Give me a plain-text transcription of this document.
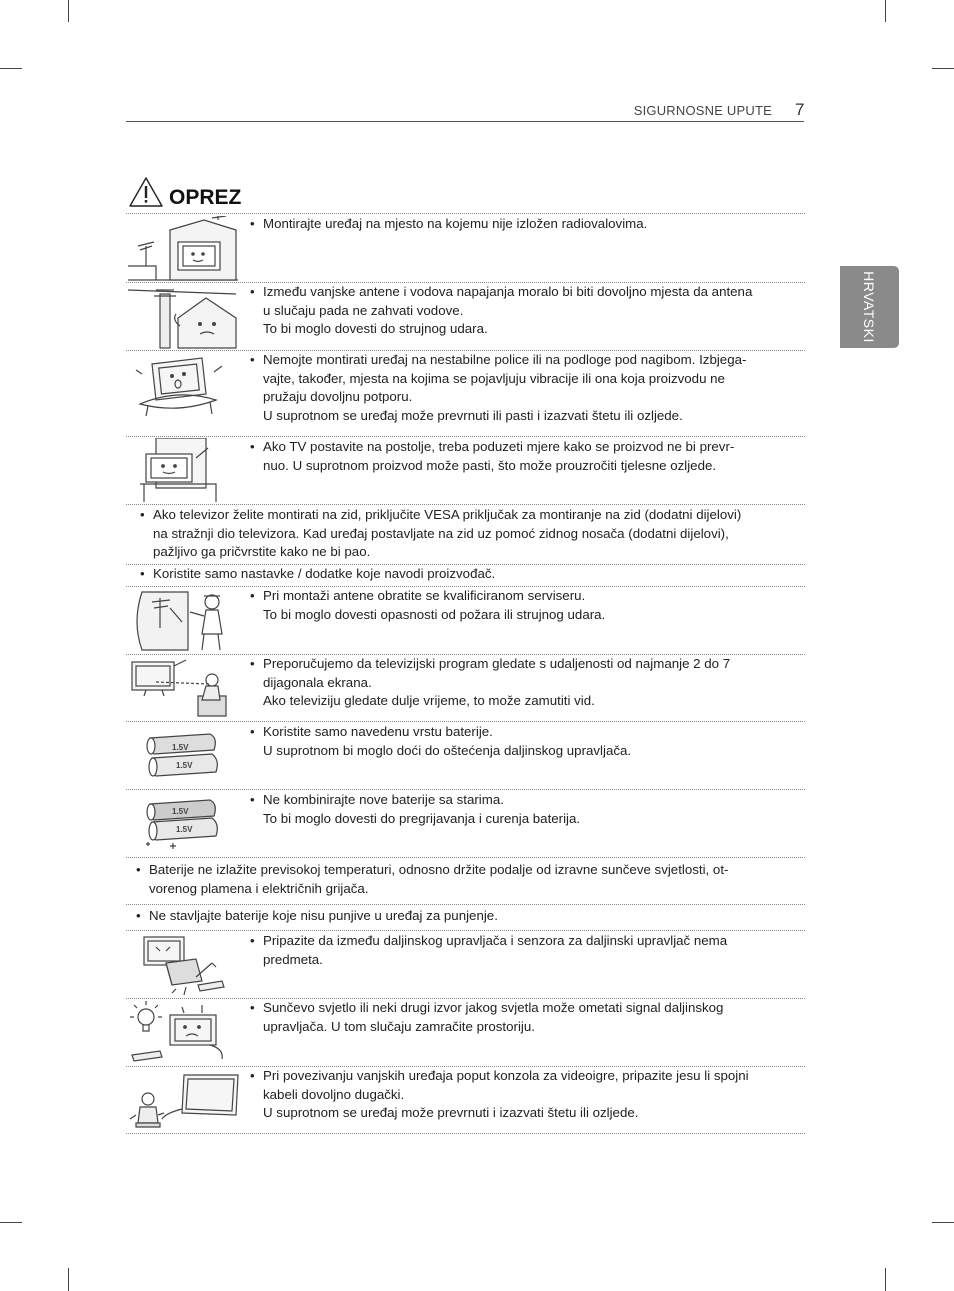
SIGURNOSNE UPUTE 7
HRVATSKI
OPREZ
1.5V
1.5V
1.5V
1.5V
• Montirajte uređaj na mjesto na kojemu nije izložen radiovalovima.
• Između vanjske antene i vodova napajanja moralo bi biti dovoljno mjesta da antena
u slučaju pada ne zahvati vodove.
To bi moglo dovesti do strujnog udara.
• Nemojte montirati uređaj na nestabilne police ili na podloge pod nagibom. Izbjega-
vajte, također, mjesta na kojima se pojavljuju vibracije ili ona koja proizvodu ne
pružaju dovoljnu potporu.
U suprotnom se uređaj može prevrnuti ili pasti i izazvati štetu ili ozljede.
• Ako TV postavite na postolje, treba poduzeti mjere kako se proizvod ne bi prevr-
nuo. U suprotnom proizvod može pasti, što može prouzročiti tjelesne ozljede.
• Ako televizor želite montirati na zid, priključite VESA priključak za montiranje na zid (dodatni dijelovi)
na stražnji dio televizora. Kad uređaj postavljate na zid uz pomoć zidnog nosača (dodatni dijelovi),
pažljivo ga pričvrstite kako ne bi pao.
• Koristite samo nastavke / dodatke koje navodi proizvođač.
• Pri montaži antene obratite se kvalificiranom serviseru.
To bi moglo dovesti opasnosti od požara ili strujnog udara.
• Preporučujemo da televizijski program gledate s udaljenosti od najmanje 2 do 7
dijagonala ekrana.
Ako televiziju gledate dulje vrijeme, to može zamutiti vid.
• Koristite samo navedenu vrstu baterije.
U suprotnom bi moglo doći do oštećenja daljinskog upravljača.
• Ne kombinirajte nove baterije sa starima.
To bi moglo dovesti do pregrijavanja i curenja baterija.
• Baterije ne izlažite previsokoj temperaturi, odnosno držite podalje od izravne sunčeve svjetlosti, ot-
vorenog plamena i električnih grijača.
• Ne stavljajte baterije koje nisu punjive u uređaj za punjenje.
• Pripazite da između daljinskog upravljača i senzora za daljinski upravljač nema
predmeta.
• Sunčevo svjetlo ili neki drugi izvor jakog svjetla može ometati signal daljinskog
upravljača. U tom slučaju zamračite prostoriju.
• Pri povezivanju vanjskih uređaja poput konzola za videoigre, pripazite jesu li spojni
kabeli dovoljno dugački.
U suprotnom se uređaj može prevrnuti i izazvati štetu ili ozljede.
